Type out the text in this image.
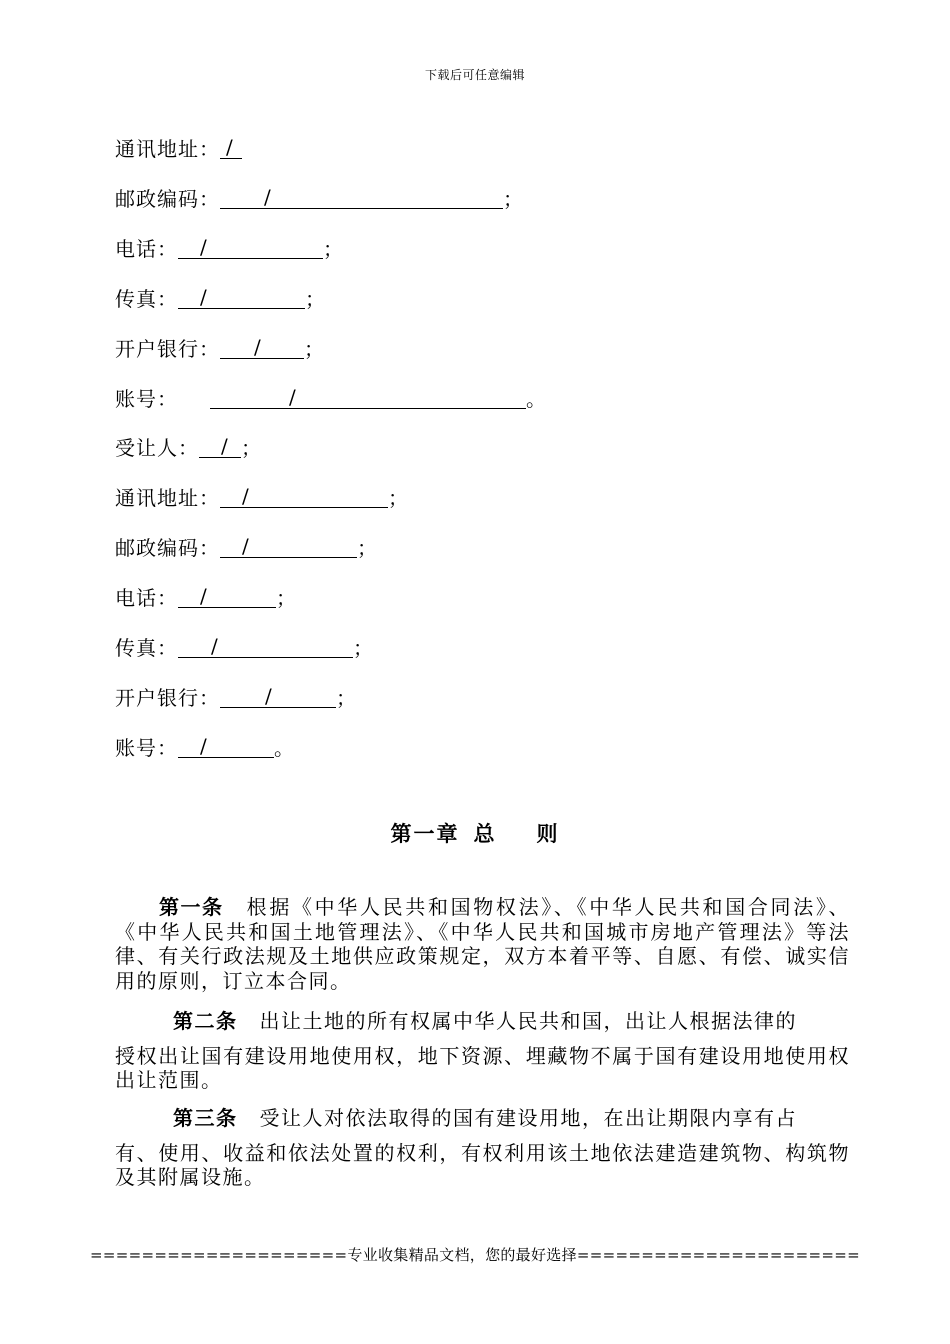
下载后可任意编辑
通讯地址： /
邮政编码： /	；
电话： /	；
传真： /	；
开户银行： / ；
账号：	/	。
受让人： / ；
通讯地址： /	；
邮政编码： /	；
电话： /	；
传真： /	；
开户银行： /	；
账号： /	。
第一章 总 则
第一条 根据《中华人民共和国物权法》、《中华人民共和国合同法》、《中华人民共和国土地管理法》、《中华人民共和国城市房地产管理法》等法律、有关行政法规及土地供应政策规定，双方本着平等、自愿、有偿、诚实信用的原则，订立本合同。
第二条 出让土地的所有权属中华人民共和国，出让人根据法律的
授权出让国有建设用地使用权，地下资源、埋藏物不属于国有建设用地使用权出让范围。
第三条 受让人对依法取得的国有建设用地，在出让期限内享有占
有、使用、收益和依法处置的权利，有权利用该土地依法建造建筑物、构筑物及其附属设施。
====================专业收集精品文档，您的最好选择======================
